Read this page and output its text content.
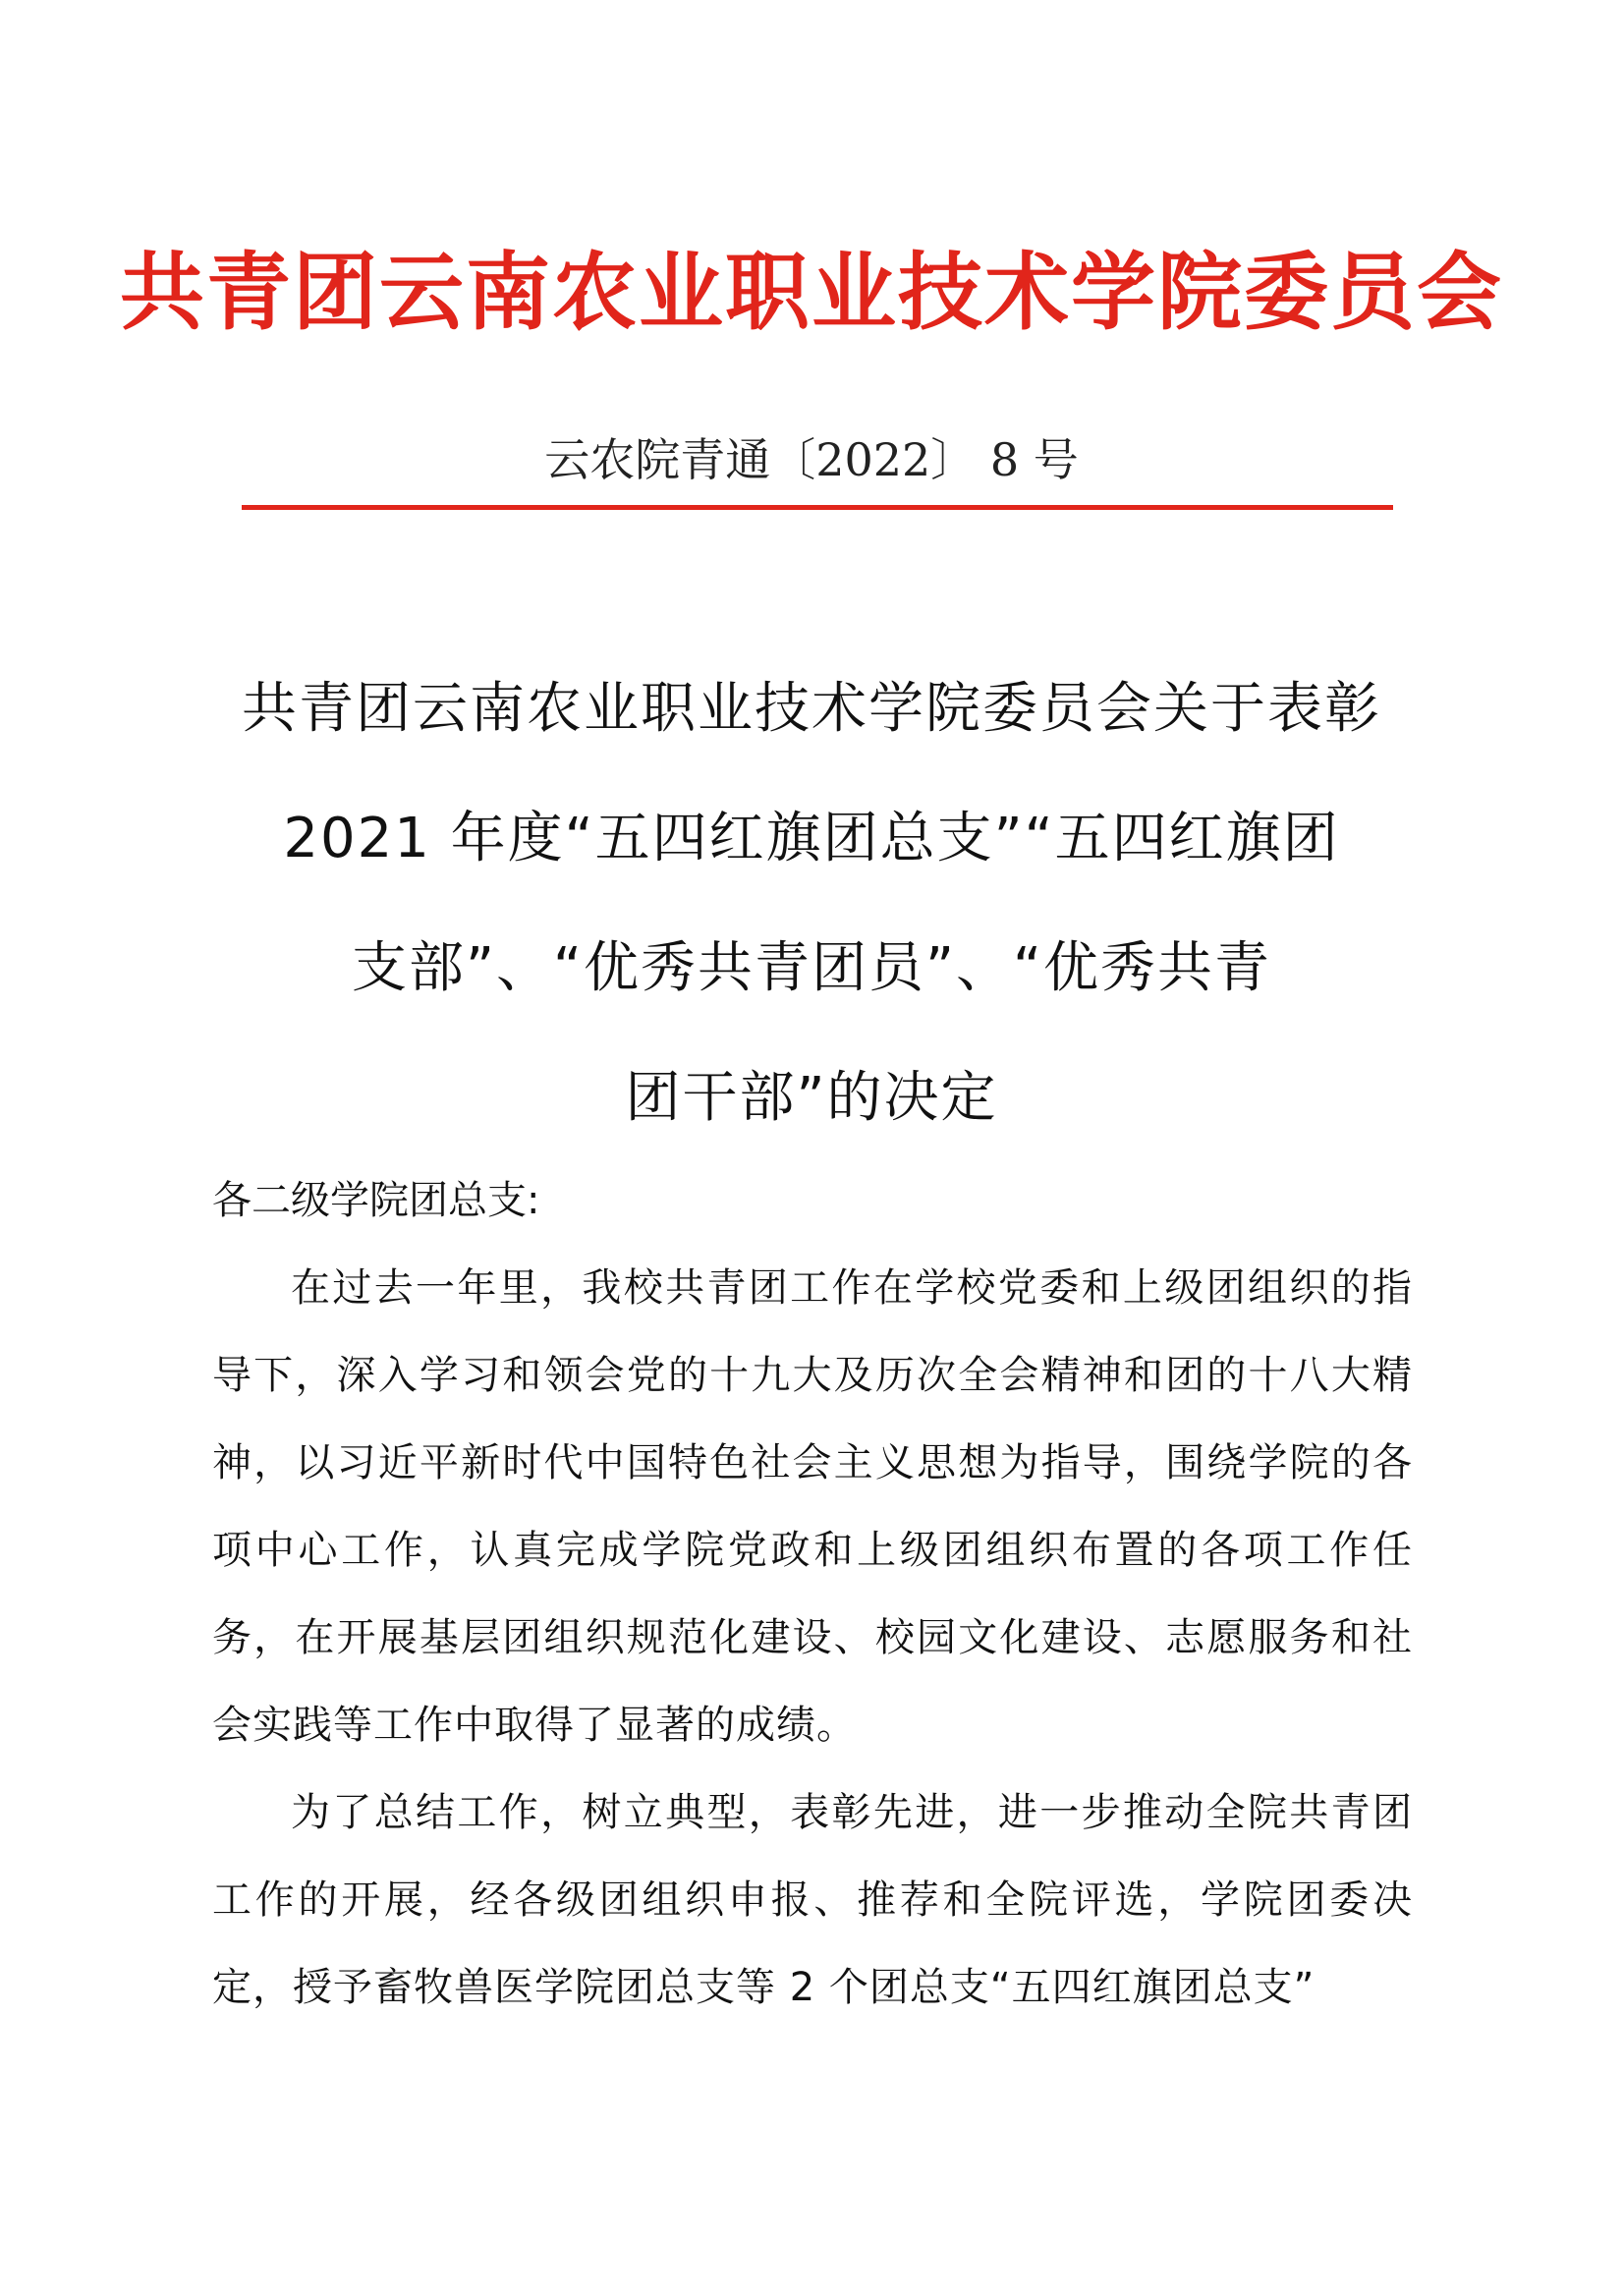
共青团云南农业职业技术学院委员会
云农院青通〔2022〕 8 号
共青团云南农业职业技术学院委员会关于表彰
2021 年度“五四红旗团总支”“五四红旗团
支部”、“优秀共青团员”、“优秀共青
团干部”的决定
各二级学院团总支:

在过去一年里，我校共青团工作在学校党委和上级团组织的指导下，深入学习和领会党的十九大及历次全会精神和团的十八大精神，以习近平新时代中国特色社会主义思想为指导，围绕学院的各项中心工作，认真完成学院党政和上级团组织布置的各项工作任务，在开展基层团组织规范化建设、校园文化建设、志愿服务和社会实践等工作中取得了显著的成绩。

为了总结工作，树立典型，表彰先进，进一步推动全院共青团工作的开展，经各级团组织申报、推荐和全院评选，学院团委决定，授予畜牧兽医学院团总支等 2 个团总支“五四红旗团总支”
